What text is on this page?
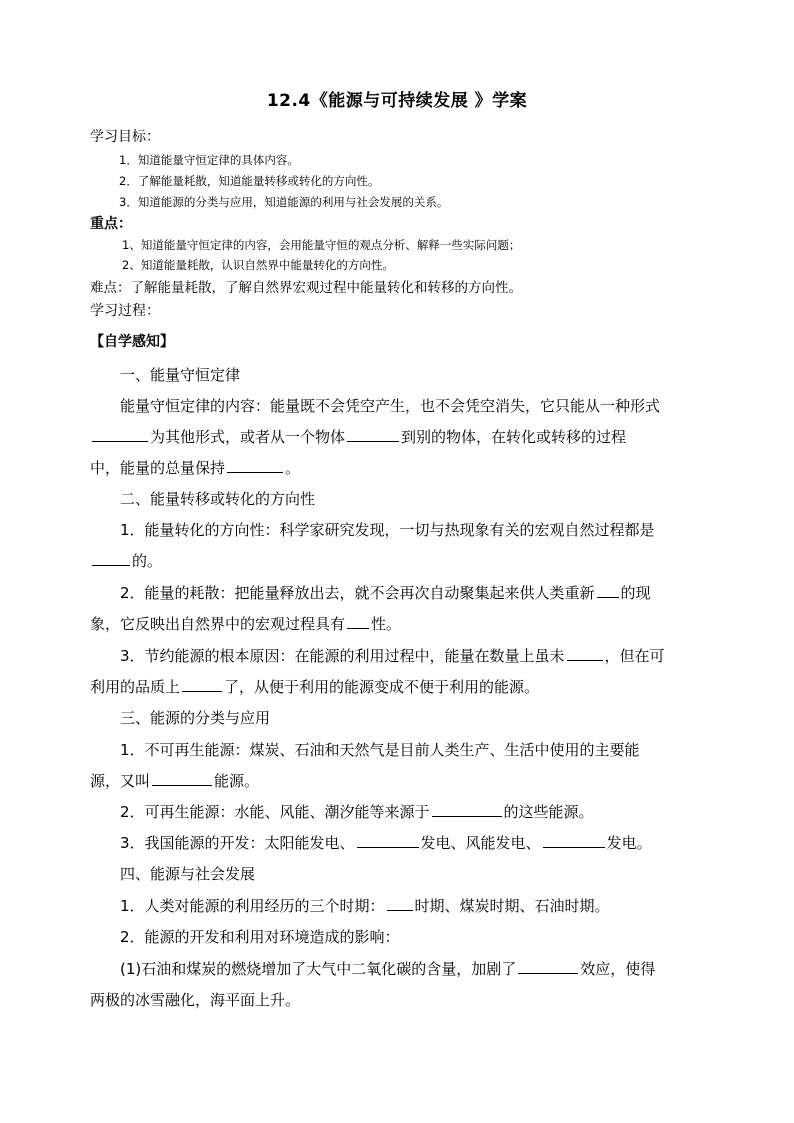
12.4《能源与可持续发展 》学案
学习目标：
1．知道能量守恒定律的具体内容。
2．了解能量耗散，知道能量转移或转化的方向性。
3．知道能源的分类与应用，知道能源的利用与社会发展的关系。
重点：
1、知道能量守恒定律的内容，会用能量守恒的观点分析、解释一些实际问题；
2、知道能量耗散，认识自然界中能量转化的方向性。
难点：了解能量耗散，了解自然界宏观过程中能量转化和转移的方向性。
学习过程：
【自学感知】
一、能量守恒定律
能量守恒定律的内容：能量既不会凭空产生，也不会凭空消失，它只能从一种形式
为其他形式，或者从一个物体	到别的物体，在转化或转移的过程
中，能量的总量保持	。
二、能量转移或转化的方向性
1．能量转化的方向性：科学家研究发现，一切与热现象有关的宏观自然过程都是
的。
2．能量的耗散：把能量释放出去，就不会再次自动聚集起来供人类重新 的现
象，它反映出自然界中的宏观过程具有 性。
3．节约能源的根本原因：在能源的利用过程中，能量在数量上虽未	，但在可
利用的品质上	了，从便于利用的能源变成不便于利用的能源。
三、能源的分类与应用
1．不可再生能源：煤炭、石油和天然气是目前人类生产、生活中使用的主要能
源，又叫	能源。
2．可再生能源：水能、风能、潮汐能等来源于	的这些能源。
3．我国能源的开发：太阳能发电、	发电、风能发电、	发电。
四、能源与社会发展
1．人类对能源的利用经历的三个时期： 时期、煤炭时期、石油时期。
2．能源的开发和利用对环境造成的影响：
(1)石油和煤炭的燃烧增加了大气中二氧化碳的含量，加剧了	效应，使得
两极的冰雪融化，海平面上升。
